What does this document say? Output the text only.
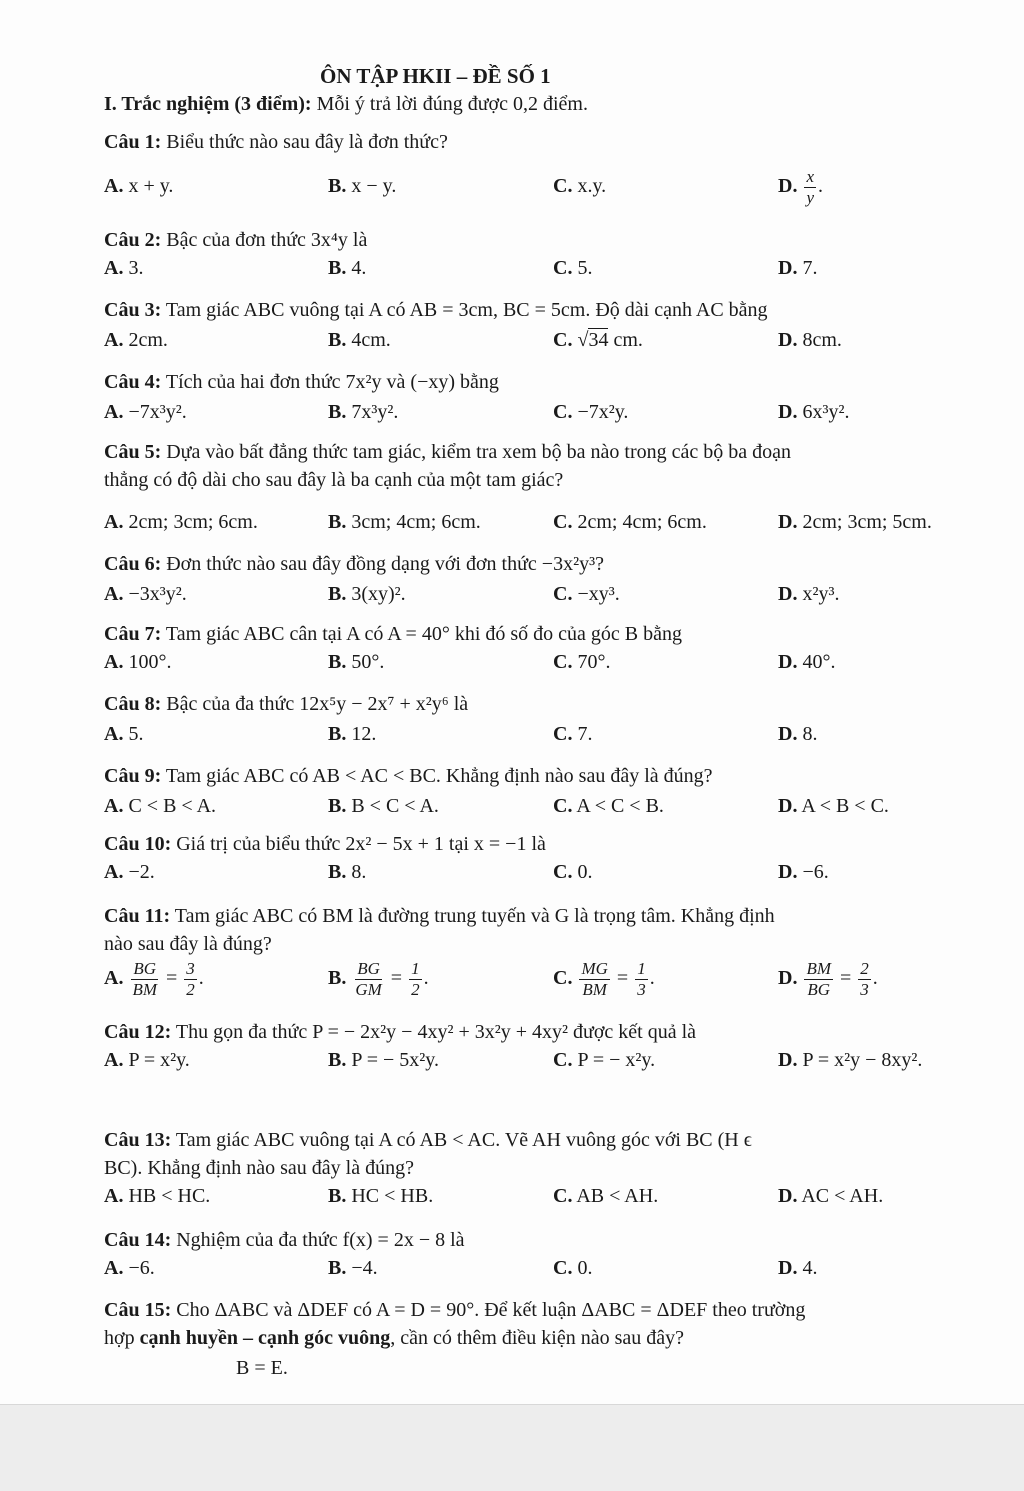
ÔN TẬP HKII – ĐỀ SỐ 1
I. Trắc nghiệm (3 điểm): Mỗi ý trả lời đúng được 0,2 điểm.
Câu 1: Biểu thức nào sau đây là đơn thức?
A. x + y.	B. x − y.	C. x.y.	D. $\frac{x}{y}$ .
Câu 2: Bậc của đơn thức 3x⁴y là
A. 3.	B. 4.	C. 5.	D. 7.
Câu 3: Tam giác ABC vuông tại A có AB = 3cm, BC = 5cm. Độ dài cạnh AC bằng
A. 2cm.	B. 4cm.	C. √34 cm.	D. 8cm.
Câu 4: Tích của hai đơn thức 7x²y và (−xy) bằng
A. −7x³y².	B. 7x³y².	C. −7x²y.	D. 6x³y².
Câu 5: Dựa vào bất đẳng thức tam giác, kiểm tra xem bộ ba nào trong các bộ ba đoạn
thẳng có độ dài cho sau đây là ba cạnh của một tam giác?
A. 2cm; 3cm; 6cm.	B. 3cm; 4cm; 6cm.	C. 2cm; 4cm; 6cm.	D. 2cm; 3cm; 5cm.
Câu 6: Đơn thức nào sau đây đồng dạng với đơn thức −3x²y³?
A. −3x³y².	B. 3(xy)².	C. −xy³.	D. x²y³.
Câu 7: Tam giác ABC cân tại A có A = 40° khi đó số đo của góc B bằng
A. 100°.	B. 50°.	C. 70°.	D. 40°.
Câu 8: Bậc của đa thức 12x⁵y − 2x⁷ + x²y⁶ là
A. 5.	B. 12.	C. 7.	D. 8.
Câu 9: Tam giác ABC có AB < AC < BC. Khẳng định nào sau đây là đúng?
A. C < B < A.	B. B < C < A.	C. A < C < B.	D. A < B < C.
Câu 10: Giá trị của biểu thức 2x² − 5x + 1 tại x = −1 là
A. −2.	B. 8.	C. 0.	D. −6.
Câu 11: Tam giác ABC có BM là đường trung tuyến và G là trọng tâm. Khẳng định
nào sau đây là đúng?
A. $\frac{BG}{BM} = \frac{3}{2}$ .	B. $\frac{BG}{GM} = \frac{1}{2}$ .	C. $\frac{MG}{BM} = \frac{1}{3}$ .	D. $\frac{BM}{BG} = \frac{2}{3}$ .
Câu 12: Thu gọn đa thức P = − 2x²y − 4xy² + 3x²y + 4xy² được kết quả là
A. P = x²y.	B. P = − 5x²y.	C. P = − x²y.	D. P = x²y − 8xy².
Câu 13: Tam giác ABC vuông tại A có AB < AC. Vẽ AH vuông góc với BC (H ϵ
BC). Khẳng định nào sau đây là đúng?
A. HB < HC.	B. HC < HB.	C. AB < AH.	D. AC < AH.
Câu 14: Nghiệm của đa thức f(x) = 2x − 8 là
A. −6.	B. −4.	C. 0.	D. 4.
Câu 15: Cho ΔABC và ΔDEF có A = D = 90°. Để kết luận ΔABC = ΔDEF theo trường
hợp cạnh huyền – cạnh góc vuông, cần có thêm điều kiện nào sau đây?
B = E.
